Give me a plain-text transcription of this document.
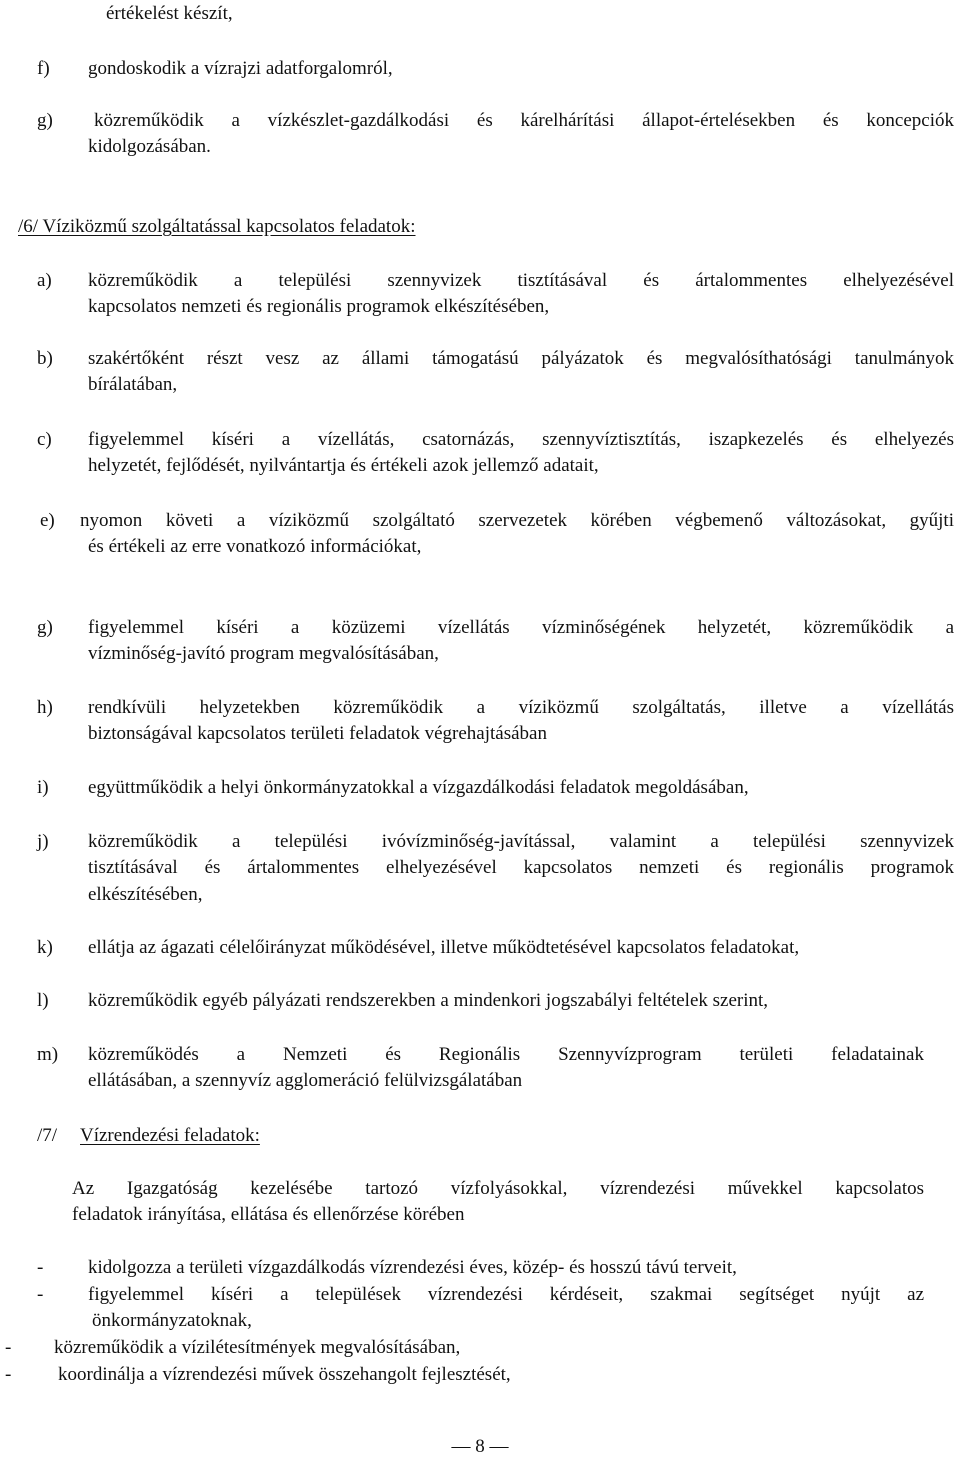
értékelést készít,
f) gondoskodik a vízrajzi adatforgalomról,
g) közreműködik a vízkészlet-gazdálkodási és kárelhárítási állapot-értelésekben és koncepciók
kidolgozásában.
/6/ Víziközmű szolgáltatással kapcsolatos feladatok:
a) közreműködik a települési szennyvizek tisztításával és ártalommentes elhelyezésével
kapcsolatos nemzeti és regionális programok elkészítésében,
b) szakértőként részt vesz az állami támogatású pályázatok és megvalósíthatósági tanulmányok
bírálatában,
c) figyelemmel kíséri a vízellátás, csatornázás, szennyvíztisztítás, iszapkezelés és elhelyezés
helyzetét, fejlődését, nyilvántartja és értékeli azok jellemző adatait,
e) nyomon követi a víziközmű szolgáltató szervezetek körében végbemenő változásokat, gyűjti
és értékeli az erre vonatkozó információkat,
g) figyelemmel kíséri a közüzemi vízellátás vízminőségének helyzetét, közreműködik a
vízminőség-javító program megvalósításában,
h) rendkívüli helyzetekben közreműködik a víziközmű szolgáltatás, illetve a vízellátás
biztonságával kapcsolatos területi feladatok végrehajtásában
i) együttműködik a helyi önkormányzatokkal a vízgazdálkodási feladatok megoldásában,
j) közreműködik a települési ivóvízminőség-javítással, valamint a települési szennyvizek
tisztításával és ártalommentes elhelyezésével kapcsolatos nemzeti és regionális programok
elkészítésében,
k) ellátja az ágazati célelőirányzat működésével, illetve működtetésével kapcsolatos feladatokat,
l) közreműködik egyéb pályázati rendszerekben a mindenkori jogszabályi feltételek szerint,
m) közreműködés a Nemzeti és Regionális Szennyvízprogram területi feladatainak
ellátásában, a szennyvíz agglomeráció felülvizsgálatában
/7/ Vízrendezési feladatok:
Az Igazgatóság kezelésébe tartozó vízfolyásokkal, vízrendezési művekkel kapcsolatos
feladatok irányítása, ellátása és ellenőrzése körében
- kidolgozza a területi vízgazdálkodás vízrendezési éves, közép- és hosszú távú terveit,
- figyelemmel kíséri a települések vízrendezési kérdéseit, szakmai segítséget nyújt az
önkormányzatoknak,
- közreműködik a vízilétesítmények megvalósításában,
- koordinálja a vízrendezési művek összehangolt fejlesztését,
— 8 —
